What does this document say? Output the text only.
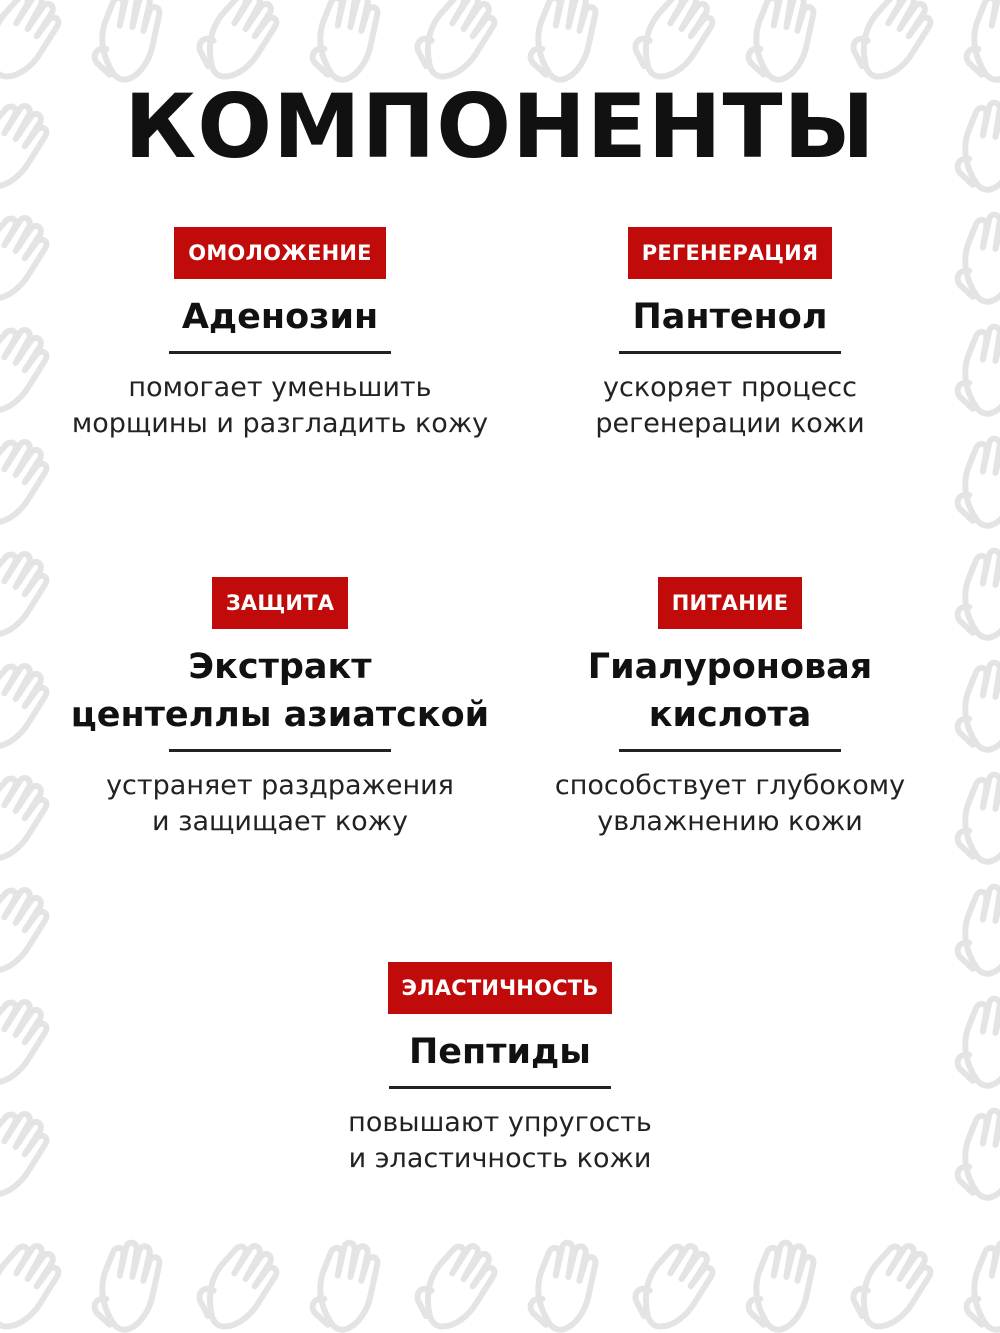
КОМПОНЕНТЫ
ОМОЛОЖЕНИЕ
Аденозин
помогает уменьшить
морщины и разгладить кожу
РЕГЕНЕРАЦИЯ
Пантенол
ускоряет процесс
регенерации кожи
ЗАЩИТА
Экстракт
центеллы азиатской
устраняет раздражения
и защищает кожу
ПИТАНИЕ
Гиалуроновая
кислота
способствует глубокому
увлажнению кожи
ЭЛАСТИЧНОСТЬ
Пептиды
повышают упругость
и эластичность кожи
